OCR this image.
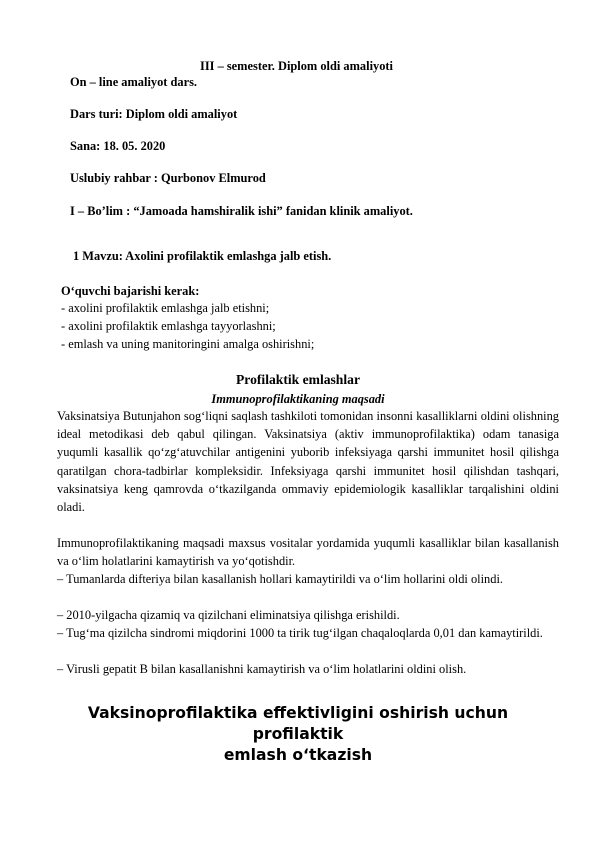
III – semester. Diplom oldi amaliyoti
On – line amaliyot dars.
Dars turi: Diplom oldi amaliyot
Sana: 18. 05. 2020
Uslubiy rahbar : Qurbonov Elmurod
I – Bo’lim : “Jamoada hamshiralik ishi” fanidan klinik amaliyot.
1 Mavzu: Axolini profilaktik emlashga jalb etish.
O‘quvchi bajarishi kerak:
- axolini profilaktik emlashga jalb etishni;
- axolini profilaktik emlashga tayyorlashni;
- emlash va uning manitoringini amalga oshirishni;
Profilaktik emlashlar
Immunoprofilaktikaning maqsadi
Vaksinatsiya Butunjahon sog‘liqni saqlash tashkiloti tomonidan insonni kasalliklarni oldini olishning ideal metodikasi deb qabul qilingan. Vaksinatsiya (aktiv immunoprofilaktika) odam tanasiga yuqumli kasallik qo‘zg‘atuvchilar antigenini yuborib infeksiyaga qarshi immunitet hosil qilishga qaratilgan chora-tadbirlar kompleksidir. Infeksiyaga qarshi immunitet hosil qilishdan tashqari, vaksinatsiya keng qamrovda o‘tkazilganda ommaviy epidemiologik kasalliklar tarqalishini oldini oladi.
Immunoprofilaktikaning maqsadi maxsus vositalar yordamida yuqumli kasalliklar bilan kasallanish va o‘lim holatlarini kamaytirish va yo‘qotishdir.
– Tumanlarda difteriya bilan kasallanish hollari kamaytirildi va o‘lim hollarini oldi olindi.
– 2010-yilgacha qizamiq va qizilchani eliminatsiya qilishga erishildi.
– Tug‘ma qizilcha sindromi miqdorini 1000 ta tirik tug‘ilgan chaqaloqlarda 0,01 dan kamaytirildi.
– Virusli gepatit B bilan kasallanishni kamaytirish va o‘lim holatlarini oldini olish.
Vaksinoprofilaktika effektivligini oshirish uchun
profilaktik
emlash o‘tkazish
